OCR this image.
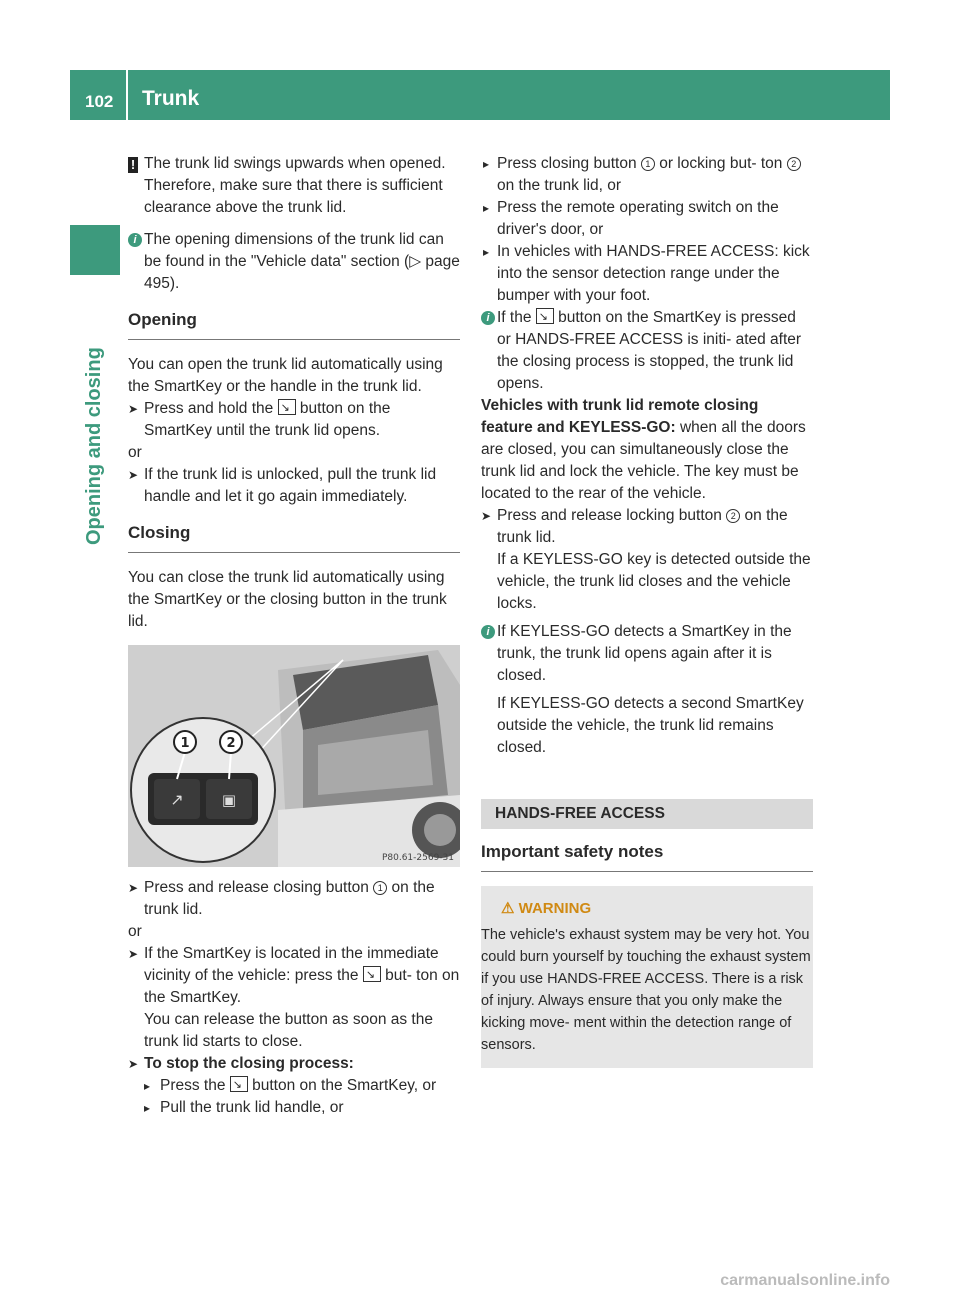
102 Trunk
Opening and closing
! The trunk lid swings upwards when opened. Therefore, make sure that there is sufficient clearance above the trunk lid.

i The opening dimensions of the trunk lid can be found in the "Vehicle data" section (▷ page 495).

Opening

You can open the trunk lid automatically using the SmartKey or the handle in the trunk lid.

➤ Press and hold the ↘ button on the SmartKey until the trunk lid opens.

or

➤ If the trunk lid is unlocked, pull the trunk lid handle and let it go again immediately.
Closing

You can close the trunk lid automatically using the SmartKey or the closing button in the trunk lid.

↗	▣
1	2
P80.61-2569-31
➤ Press and release closing button 1 on the trunk lid.

or

➤ If the SmartKey is located in the immediate vicinity of the vehicle: press the ↘ but- ton on the SmartKey.

You can release the button as soon as the trunk lid starts to close.

➤ To stop the closing process:
▸ Press the ↘ button on the SmartKey, or
▸ Pull the trunk lid handle, or
▸ Press closing button 1 or locking but- ton 2 on the trunk lid, or
▸ Press the remote operating switch on the driver's door, or
▸ In vehicles with HANDS-FREE ACCESS: kick into the sensor detection range under the bumper with your foot.
i If the ↘ button on the SmartKey is pressed or HANDS-FREE ACCESS is initi- ated after the closing process is stopped, the trunk lid opens.

Vehicles with trunk lid remote closing feature and KEYLESS-GO: when all the doors are closed, you can simultaneously close the trunk lid and lock the vehicle. The key must be located to the rear of the vehicle.

➤ Press and release locking button 2 on the trunk lid.

If a KEYLESS-GO key is detected outside the vehicle, the trunk lid closes and the vehicle locks.

i If KEYLESS-GO detects a SmartKey in the trunk, the trunk lid opens again after it is closed.

If KEYLESS-GO detects a second SmartKey outside the vehicle, the trunk lid remains closed.

HANDS-FREE ACCESS
Important safety notes
⚠ WARNING

The vehicle's exhaust system may be very hot. You could burn yourself by touching the exhaust system if you use HANDS-FREE ACCESS. There is a risk of injury. Always ensure that you only make the kicking move- ment within the detection range of sensors.

carmanualsonline.info
